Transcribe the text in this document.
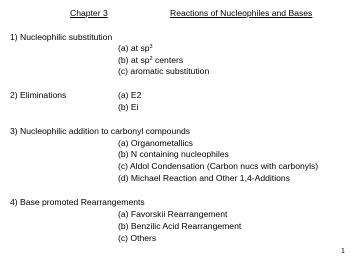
Chapter 3	Reactions of Nucleophiles and Bases
1) Nucleophilic substitution
(a) at $sp^3$
(b) at $sp^2$ centers
(c) aromatic substitution
2) Eliminations	(a) E2
(b) Ei
3) Nucleophilic addition to carbonyl compounds
(a) Organometallics
(b) N containing nucleophiles
(c) Aldol Condensation (Carbon nucs with carbonyls)
(d) Michael Reaction and Other 1,4-Additions
4) Base promoted Rearrangements
(a) Favorskii Rearrangement
(b) Benzilic Acid Rearrangement
(c) Others
1
